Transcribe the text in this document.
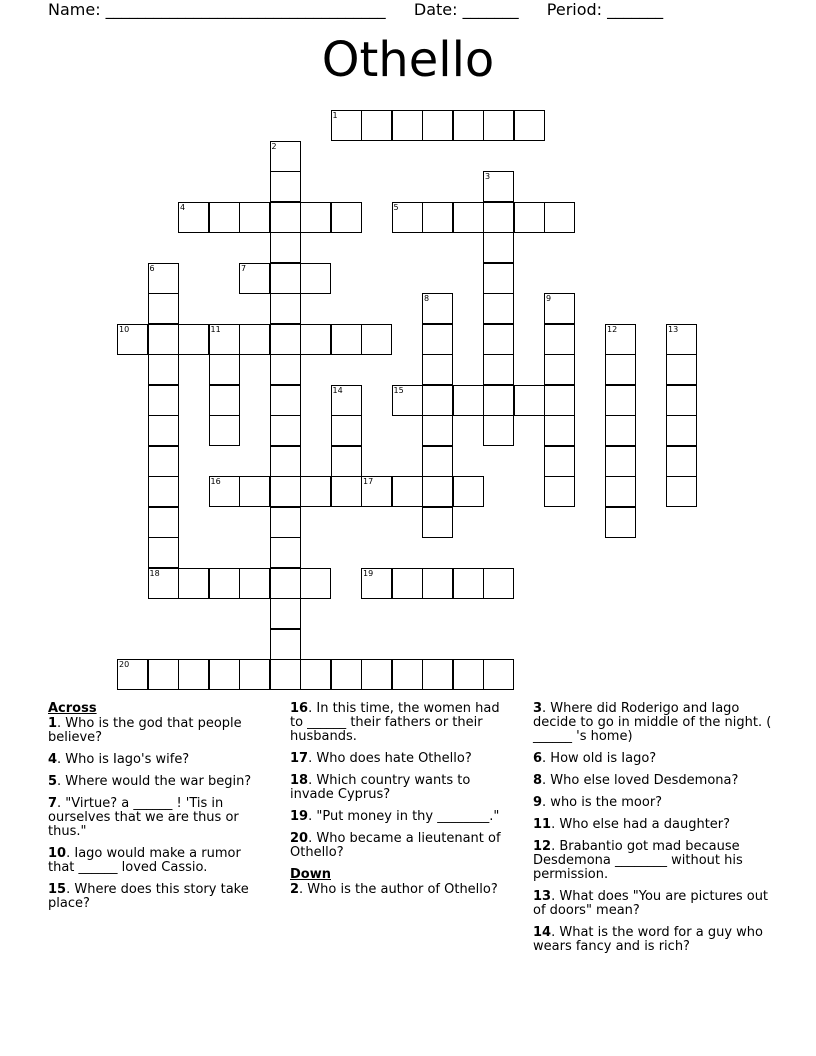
Name: ___________________________________ Date: _______ Period: _______
Othello
1
2
3
4	5
6
18
7
8	9
10	11	12	13
14	15
16	17
19
20
Across
1. Who is the god that people believe?
4. Who is Iago's wife?
5. Where would the war begin?
7. "Virtue? a ______ ! 'Tis in ourselves that we are thus or thus."
10. Iago would make a rumor that ______ loved Cassio.
15. Where does this story take place?
16. In this time, the women had to ______ their fathers or their husbands.
17. Who does hate Othello?
18. Which country wants to invade Cyprus?
19. "Put money in thy ________."
20. Who became a lieutenant of Othello?
Down
2. Who is the author of Othello?
3. Where did Roderigo and Iago decide to go in middle of the night. ( ______ 's home)
6. How old is Iago?
8. Who else loved Desdemona?
9. who is the moor?
11. Who else had a daughter?
12. Brabantio got mad because Desdemona ________ without his permission.
13. What does "You are pictures out of doors" mean?
14. What is the word for a guy who wears fancy and is rich?
